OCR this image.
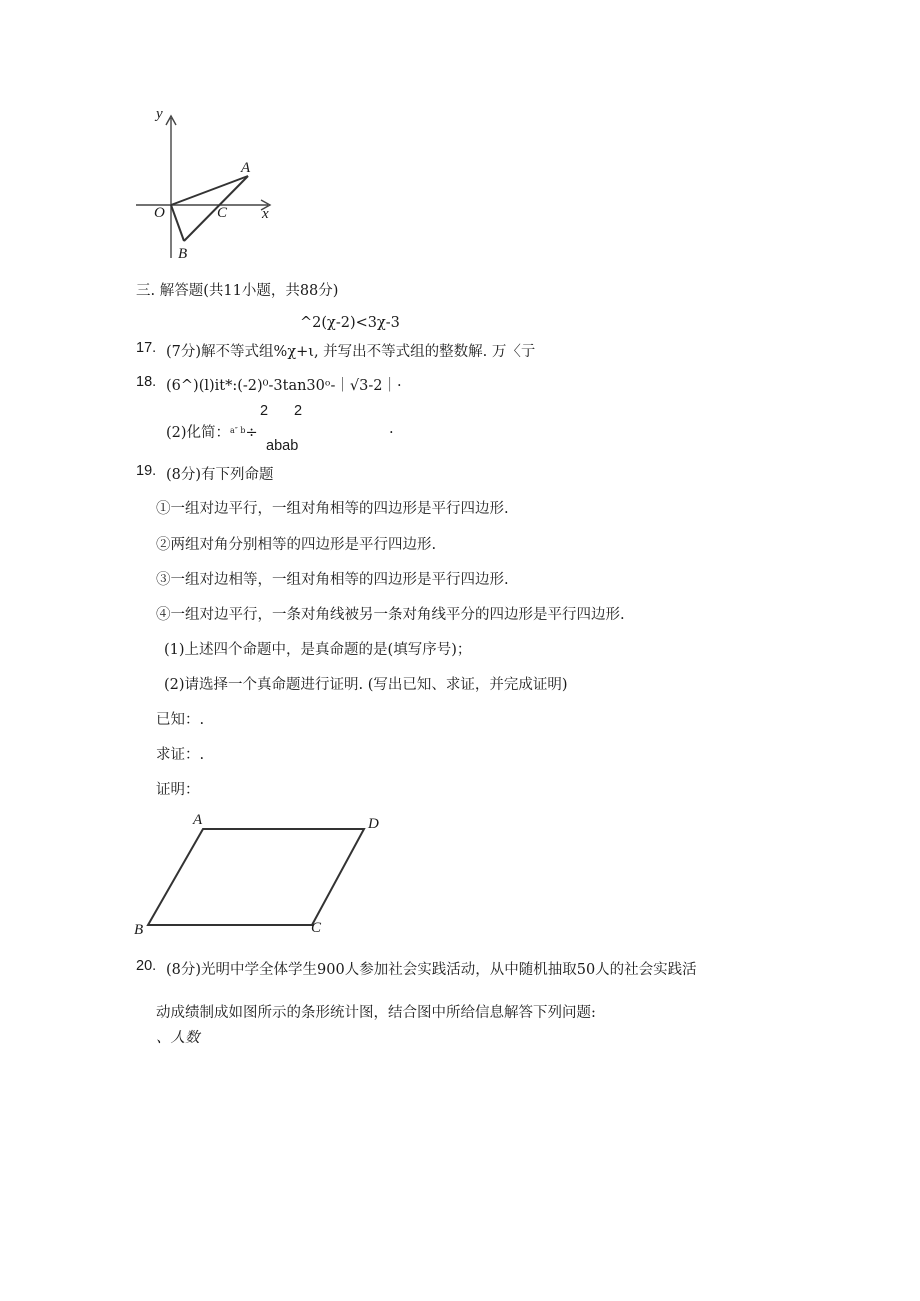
y
x
O
A
C
B
三. 解答题(共11小题，共88分)
^2(χ-2)<3χ-3
17. (7分)解不等式组%χ+ι, 并写出不等式组的整数解. 万〈亍
18. (6^)(l)it*:(-2)⁰-3tan30ᵒ-｜√3-2｜·
2 2
(2)化简：$^{a'' b}$÷	.
abab
19. (8分)有下列命题
①一组对边平行，一组对角相等的四边形是平行四边形.
②两组对角分别相等的四边形是平行四边形.
③一组对边相等，一组对角相等的四边形是平行四边形.
④一组对边平行，一条对角线被另一条对角线平分的四边形是平行四边形.
(1)上述四个命题中，是真命题的是(填写序号)；
(2)请选择一个真命题进行证明. (写出已知、求证，并完成证明)
已知：.
求证：.
证明：
A	D
B	C
20. (8分)光明中学全体学生900人参加社会实践活动，从中随机抽取50人的社会实践活
动成绩制成如图所示的条形统计图，结合图中所给信息解答下列问题:
、人数
